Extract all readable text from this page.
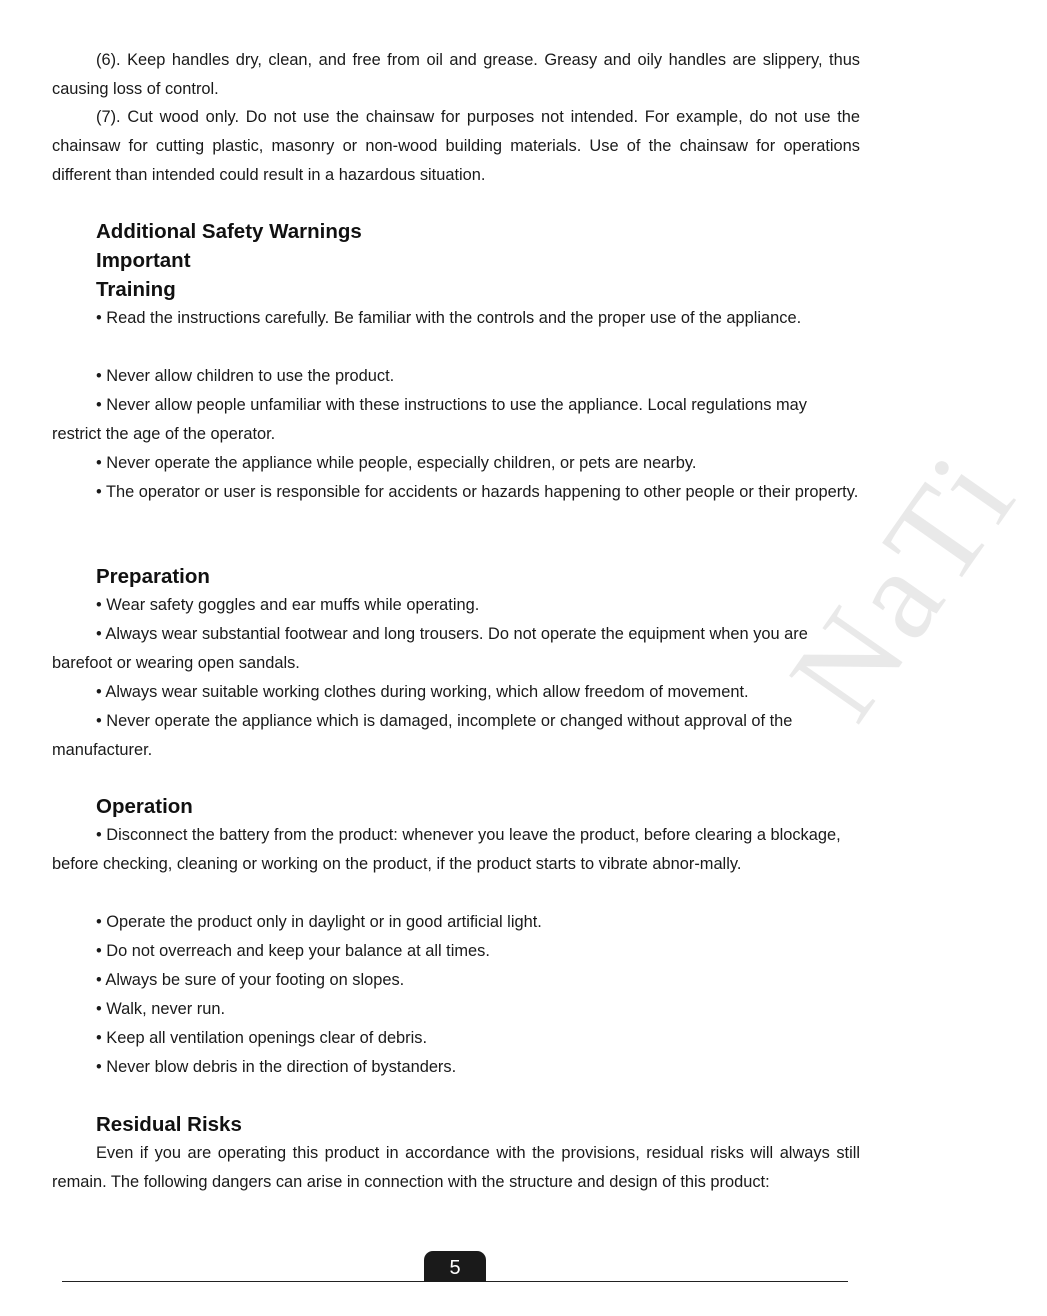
(6). Keep handles dry, clean, and free from oil and grease. Greasy and oily handles are slippery, thus causing loss of control.

(7). Cut wood only. Do not use the chainsaw for purposes not intended. For example, do not use the chainsaw for cutting plastic, masonry or non-wood building materials. Use of the chainsaw for operations different than intended could result in a hazardous situation.

Additional Safety Warnings
Important
Training

• Read the instructions carefully. Be familiar with the controls and the proper use of the appliance.

• Never allow children to use the product.

• Never allow people unfamiliar with these instructions to use the appliance. Local regulations may restrict the age of the operator.

• Never operate the appliance while people, especially children, or pets are nearby.

• The operator or user is responsible for accidents or hazards happening to other people or their property.

Preparation

• Wear safety goggles and ear muffs while operating.

• Always wear substantial footwear and long trousers. Do not operate the equipment when you are barefoot or wearing open sandals.

• Always wear suitable working clothes during working, which allow freedom of movement.

• Never operate the appliance which is damaged, incomplete or changed without approval of the manufacturer.

Operation

• Disconnect the battery from the product: whenever you leave the product, before clearing a blockage, before checking, cleaning or working on the product, if the product starts to vibrate abnor-mally.

• Operate the product only in daylight or in good artificial light.

• Do not overreach and keep your balance at all times.

• Always be sure of your footing on slopes.

• Walk, never run.

• Keep all ventilation openings clear of debris.

• Never blow debris in the direction of bystanders.

Residual Risks

Even if you are operating this product in accordance with the provisions, residual risks will always still remain. The following dangers can arise in connection with the structure and design of this product:

NaTi
5
